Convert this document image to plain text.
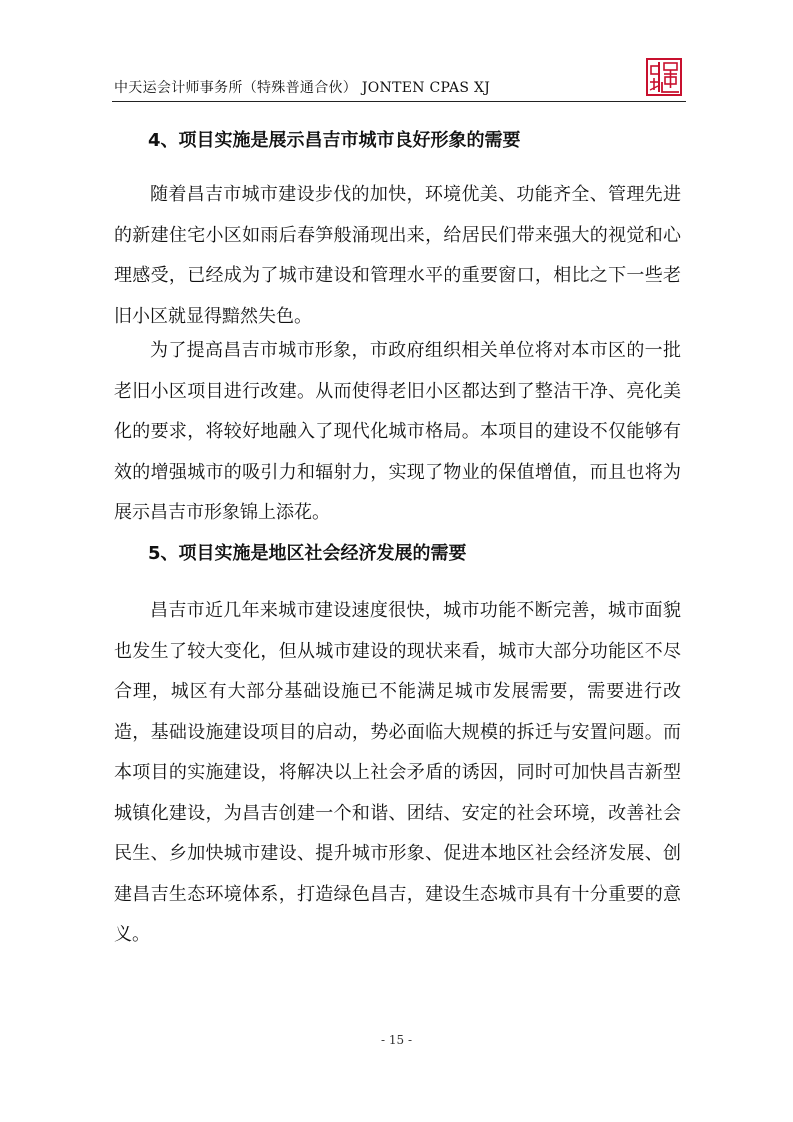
中天运会计师事务所（特殊普通合伙） JONTEN CPAS XJ
4、项目实施是展示昌吉市城市良好形象的需要

随着昌吉市城市建设步伐的加快，环境优美、功能齐全、管理先进的新建住宅小区如雨后春笋般涌现出来，给居民们带来强大的视觉和心理感受，已经成为了城市建设和管理水平的重要窗口，相比之下一些老旧小区就显得黯然失色。

为了提高昌吉市城市形象，市政府组织相关单位将对本市区的一批老旧小区项目进行改建。从而使得老旧小区都达到了整洁干净、亮化美化的要求，将较好地融入了现代化城市格局。本项目的建设不仅能够有效的增强城市的吸引力和辐射力，实现了物业的保值增值，而且也将为展示昌吉市形象锦上添花。

5、项目实施是地区社会经济发展的需要

昌吉市近几年来城市建设速度很快，城市功能不断完善，城市面貌也发生了较大变化，但从城市建设的现状来看，城市大部分功能区不尽合理，城区有大部分基础设施已不能满足城市发展需要，需要进行改造，基础设施建设项目的启动，势必面临大规模的拆迁与安置问题。而本项目的实施建设，将解决以上社会矛盾的诱因，同时可加快昌吉新型城镇化建设，为昌吉创建一个和谐、团结、安定的社会环境，改善社会民生、乡加快城市建设、提升城市形象、促进本地区社会经济发展、创建昌吉生态环境体系，打造绿色昌吉，建设生态城市具有十分重要的意义。

- 15 -
